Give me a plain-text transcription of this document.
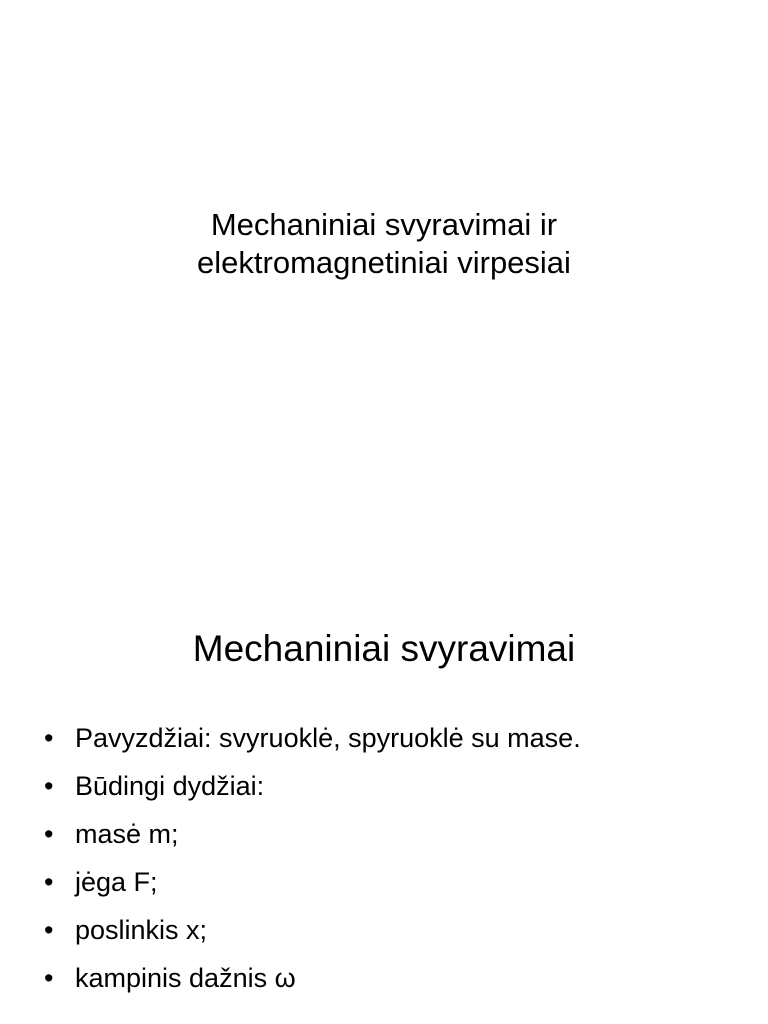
Mechaniniai svyravimai ir
elektromagnetiniai virpesiai
Mechaniniai svyravimai
• Pavyzdžiai: svyruoklė, spyruoklė su mase.
• Būdingi dydžiai:
• masė m;
• jėga F;
• poslinkis x;
• kampinis dažnis ω
